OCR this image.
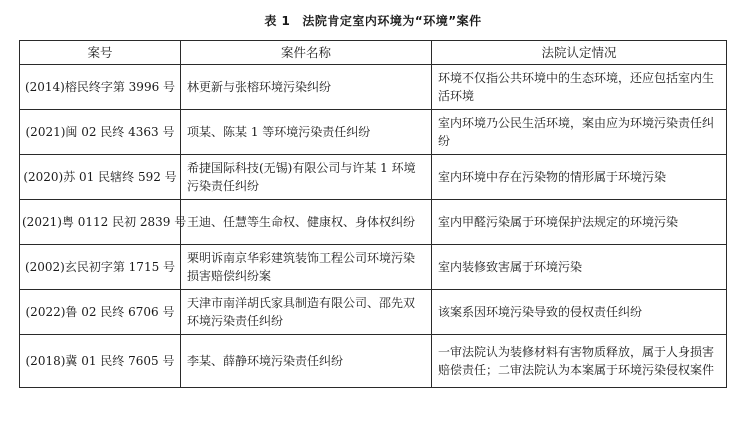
表 1 法院肯定室内环境为“环境”案件
案号	案件名称	法院认定情况
(2014)榕民终字第 3996 号	林更新与张榕环境污染纠纷	环境不仅指公共环境中的生态环境，还应包括室内生活环境
(2021)闽 02 民终 4363 号	项某、陈某 1 等环境污染责任纠纷	室内环境乃公民生活环境，案由应为环境污染责任纠纷
(2020)苏 01 民辖终 592 号	希捷国际科技(无锡)有限公司与许某 1 环境污染责任纠纷	室内环境中存在污染物的情形属于环境污染
(2021)粤 0112 民初 2839 号	王迪、任慧等生命权、健康权、身体权纠纷	室内甲醛污染属于环境保护法规定的环境污染
(2002)玄民初字第 1715 号	栗明诉南京华彩建筑装饰工程公司环境污染损害赔偿纠纷案	室内装修致害属于环境污染
(2022)鲁 02 民终 6706 号	天津市南洋胡氏家具制造有限公司、邵先双环境污染责任纠纷	该案系因环境污染导致的侵权责任纠纷
(2018)冀 01 民终 7605 号	李某、薛静环境污染责任纠纷	一审法院认为装修材料有害物质释放，属于人身损害赔偿责任；二审法院认为本案属于环境污染侵权案件
